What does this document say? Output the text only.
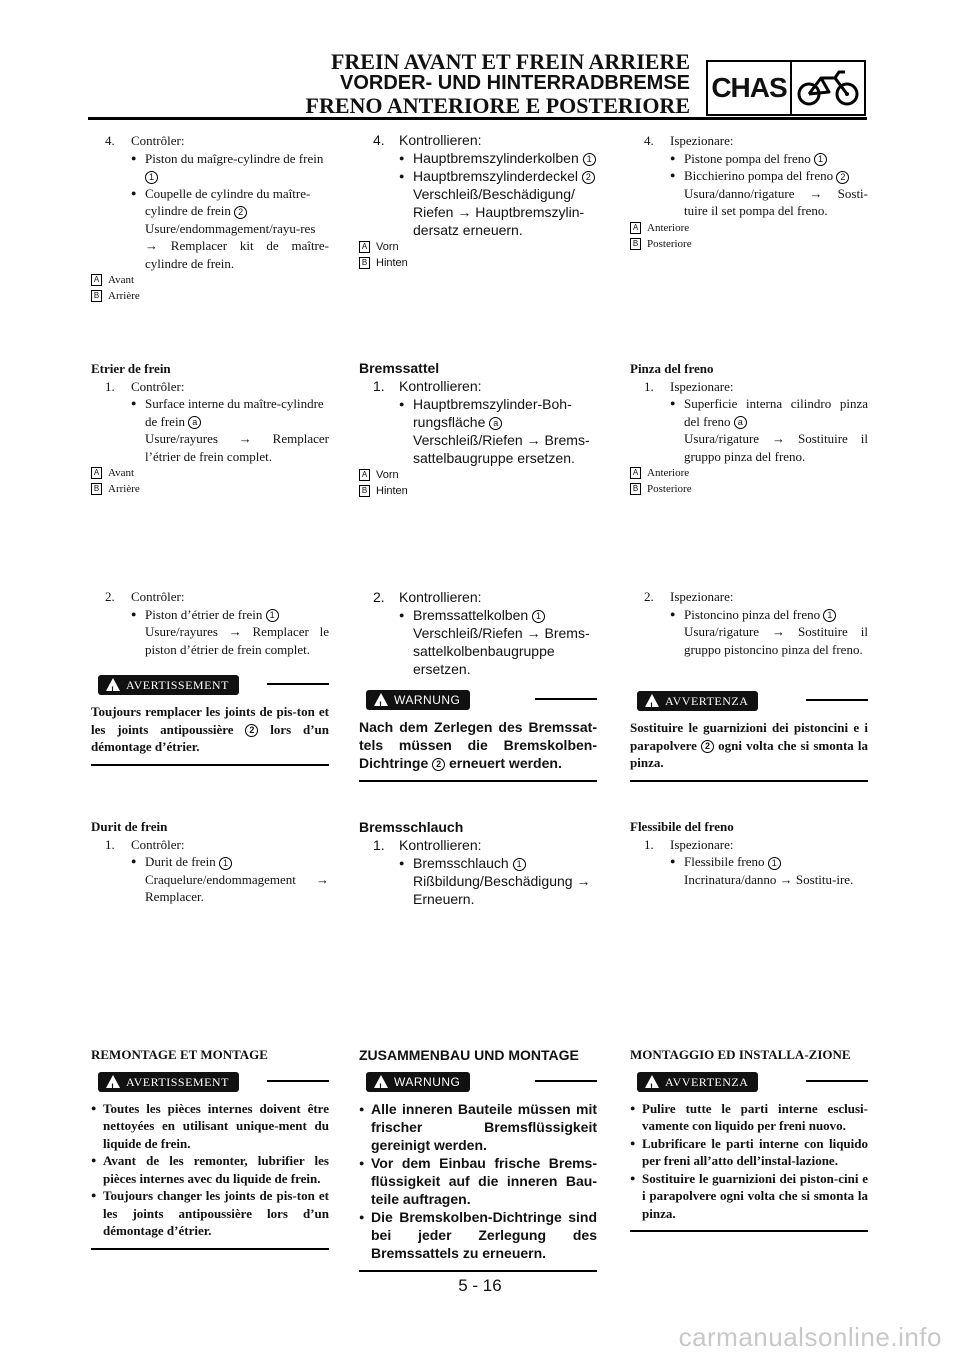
FREIN AVANT ET FREIN ARRIERE
VORDER- UND HINTERRADBREMSE
FRENO ANTERIORE E POSTERIORE
CHAS
4. Contrôler:
● Piston du maîgre-cylindre de frein 1
● Coupelle de cylindre du maître-cylindre de frein 2
Usure/endommagement/rayu-res → Remplacer kit de maître-cylindre de frein.
A Avant
B Arrière
Etrier de frein
1. Contrôler:
● Surface interne du maître-cylindre de frein a
Usure/rayures → Remplacer l’étrier de frein complet.
A Avant
B Arrière
2. Contrôler:
● Piston d’étrier de frein 1
Usure/rayures → Remplacer le piston d’étrier de frein complet.
!
AVERTISSEMENT
Toujours remplacer les joints de pis-ton et les joints antipoussière 2 lors d’un démontage d’étrier.
Durit de frein
1. Contrôler:
● Durit de frein 1
Craquelure/endommagement → Remplacer.
REMONTAGE ET MONTAGE
!
AVERTISSEMENT
● Toutes les pièces internes doivent être nettoyées en utilisant unique-ment du liquide de frein.
● Avant de les remonter, lubrifier les pièces internes avec du liquide de frein.
● Toujours changer les joints de pis-ton et les joints antipoussière lors d’un démontage d’étrier.
4. Kontrollieren:
● Hauptbremszylinderkolben 1
● Hauptbremszylinderdeckel 2
Verschleiß/Beschädigung/ Riefen → Hauptbremszylin-dersatz erneuern.
A Vorn
B Hinten
Bremssattel
1. Kontrollieren:
● Hauptbremszylinder-Boh-rungsfläche a
Verschleiß/Riefen → Brems-sattelbaugruppe ersetzen.
A Vorn
B Hinten
2. Kontrollieren:
● Bremssattelkolben 1
Verschleiß/Riefen → Brems-sattelkolbenbaugruppe ersetzen.
!
WARNUNG
Nach dem Zerlegen des Bremssat-tels müssen die Bremskolben-Dichtringe 2 erneuert werden.
Bremsschlauch
1. Kontrollieren:
● Bremsschlauch 1
Rißbildung/Beschädigung → Erneuern.
ZUSAMMENBAU UND MONTAGE
!
WARNUNG
● Alle inneren Bauteile müssen mit frischer Bremsflüssigkeit gereinigt werden.
● Vor dem Einbau frische Brems-flüssigkeit auf die inneren Bau-teile auftragen.
● Die Bremskolben-Dichtringe sind bei jeder Zerlegung des Bremssattels zu erneuern.
4. Ispezionare:
● Pistone pompa del freno 1
● Bicchierino pompa del freno 2
Usura/danno/rigature → Sosti-tuire il set pompa del freno.
A Anteriore
B Posteriore
Pinza del freno
1. Ispezionare:
● Superficie interna cilindro pinza del freno a
Usura/rigature → Sostituire il gruppo pinza del freno.
A Anteriore
B Posteriore
2. Ispezionare:
● Pistoncino pinza del freno 1
Usura/rigature → Sostituire il gruppo pistoncino pinza del freno.
!
AVVERTENZA
Sostituire le guarnizioni dei pistoncini e i parapolvere 2 ogni volta che si smonta la pinza.
Flessibile del freno
1. Ispezionare:
● Flessibile freno 1
Incrinatura/danno → Sostitu-ire.
MONTAGGIO ED INSTALLA-ZIONE
!
AVVERTENZA
● Pulire tutte le parti interne esclusi-vamente con liquido per freni nuovo.
● Lubrificare le parti interne con liquido per freni all’atto dell’instal-lazione.
● Sostituire le guarnizioni dei piston-cini e i parapolvere ogni volta che si smonta la pinza.
5 - 16
carmanualsonline.info
